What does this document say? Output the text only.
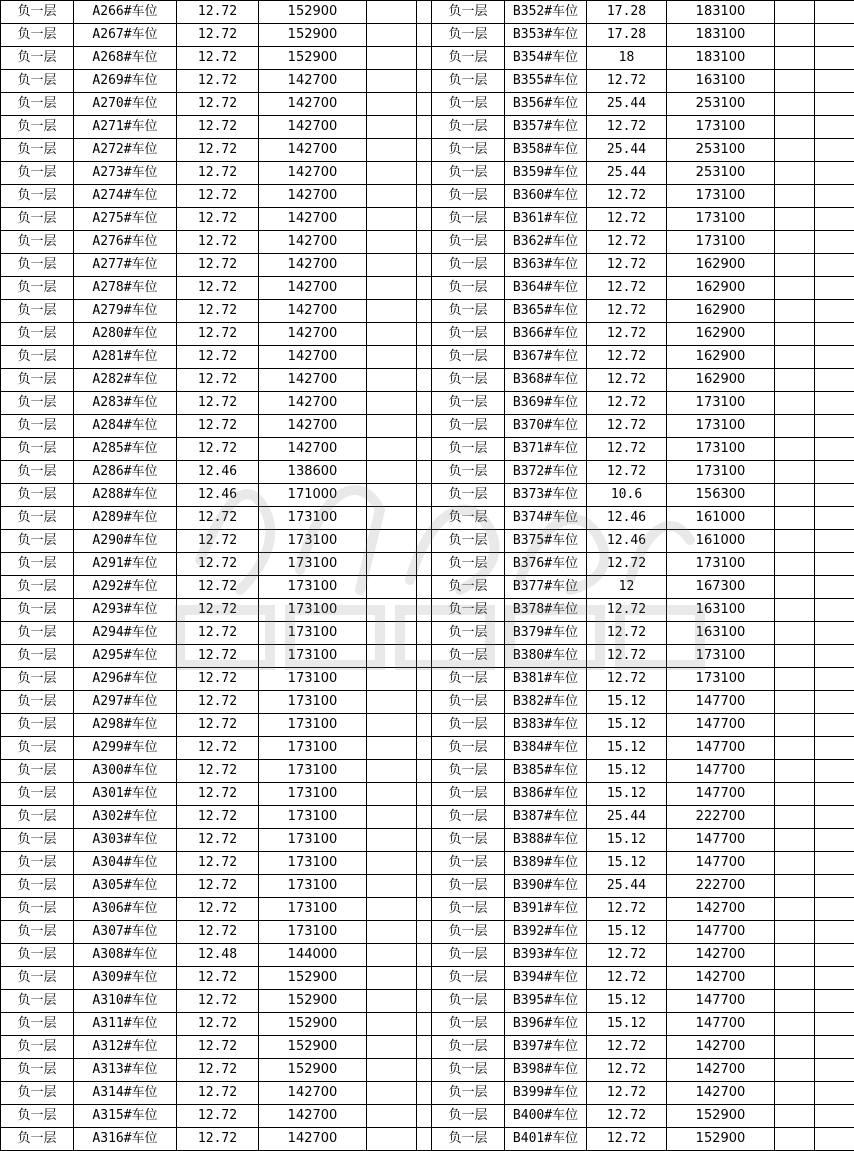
负一层	A266#车位	12.72	152900			负一层	B352#车位	17.28	183100		
负一层	A267#车位	12.72	152900			负一层	B353#车位	17.28	183100		
负一层	A268#车位	12.72	152900			负一层	B354#车位	18	183100		
负一层	A269#车位	12.72	142700			负一层	B355#车位	12.72	163100		
负一层	A270#车位	12.72	142700			负一层	B356#车位	25.44	253100		
负一层	A271#车位	12.72	142700			负一层	B357#车位	12.72	173100		
负一层	A272#车位	12.72	142700			负一层	B358#车位	25.44	253100		
负一层	A273#车位	12.72	142700			负一层	B359#车位	25.44	253100		
负一层	A274#车位	12.72	142700			负一层	B360#车位	12.72	173100		
负一层	A275#车位	12.72	142700			负一层	B361#车位	12.72	173100		
负一层	A276#车位	12.72	142700			负一层	B362#车位	12.72	173100		
负一层	A277#车位	12.72	142700			负一层	B363#车位	12.72	162900		
负一层	A278#车位	12.72	142700			负一层	B364#车位	12.72	162900		
负一层	A279#车位	12.72	142700			负一层	B365#车位	12.72	162900		
负一层	A280#车位	12.72	142700			负一层	B366#车位	12.72	162900		
负一层	A281#车位	12.72	142700			负一层	B367#车位	12.72	162900		
负一层	A282#车位	12.72	142700			负一层	B368#车位	12.72	162900		
负一层	A283#车位	12.72	142700			负一层	B369#车位	12.72	173100		
负一层	A284#车位	12.72	142700			负一层	B370#车位	12.72	173100		
负一层	A285#车位	12.72	142700			负一层	B371#车位	12.72	173100		
负一层	A286#车位	12.46	138600			负一层	B372#车位	12.72	173100		
负一层	A288#车位	12.46	171000			负一层	B373#车位	10.6	156300		
负一层	A289#车位	12.72	173100			负一层	B374#车位	12.46	161000		
负一层	A290#车位	12.72	173100			负一层	B375#车位	12.46	161000		
负一层	A291#车位	12.72	173100			负一层	B376#车位	12.72	173100		
负一层	A292#车位	12.72	173100			负一层	B377#车位	12	167300		
负一层	A293#车位	12.72	173100			负一层	B378#车位	12.72	163100		
负一层	A294#车位	12.72	173100			负一层	B379#车位	12.72	163100		
负一层	A295#车位	12.72	173100			负一层	B380#车位	12.72	173100		
负一层	A296#车位	12.72	173100			负一层	B381#车位	12.72	173100		
负一层	A297#车位	12.72	173100			负一层	B382#车位	15.12	147700		
负一层	A298#车位	12.72	173100			负一层	B383#车位	15.12	147700		
负一层	A299#车位	12.72	173100			负一层	B384#车位	15.12	147700		
负一层	A300#车位	12.72	173100			负一层	B385#车位	15.12	147700		
负一层	A301#车位	12.72	173100			负一层	B386#车位	15.12	147700		
负一层	A302#车位	12.72	173100			负一层	B387#车位	25.44	222700		
负一层	A303#车位	12.72	173100			负一层	B388#车位	15.12	147700		
负一层	A304#车位	12.72	173100			负一层	B389#车位	15.12	147700		
负一层	A305#车位	12.72	173100			负一层	B390#车位	25.44	222700		
负一层	A306#车位	12.72	173100			负一层	B391#车位	12.72	142700		
负一层	A307#车位	12.72	173100			负一层	B392#车位	15.12	147700		
负一层	A308#车位	12.48	144000			负一层	B393#车位	12.72	142700		
负一层	A309#车位	12.72	152900			负一层	B394#车位	12.72	142700		
负一层	A310#车位	12.72	152900			负一层	B395#车位	15.12	147700		
负一层	A311#车位	12.72	152900			负一层	B396#车位	15.12	147700		
负一层	A312#车位	12.72	152900			负一层	B397#车位	12.72	142700		
负一层	A313#车位	12.72	152900			负一层	B398#车位	12.72	142700		
负一层	A314#车位	12.72	142700			负一层	B399#车位	12.72	142700		
负一层	A315#车位	12.72	142700			负一层	B400#车位	12.72	152900		
负一层	A316#车位	12.72	142700			负一层	B401#车位	12.72	152900		
